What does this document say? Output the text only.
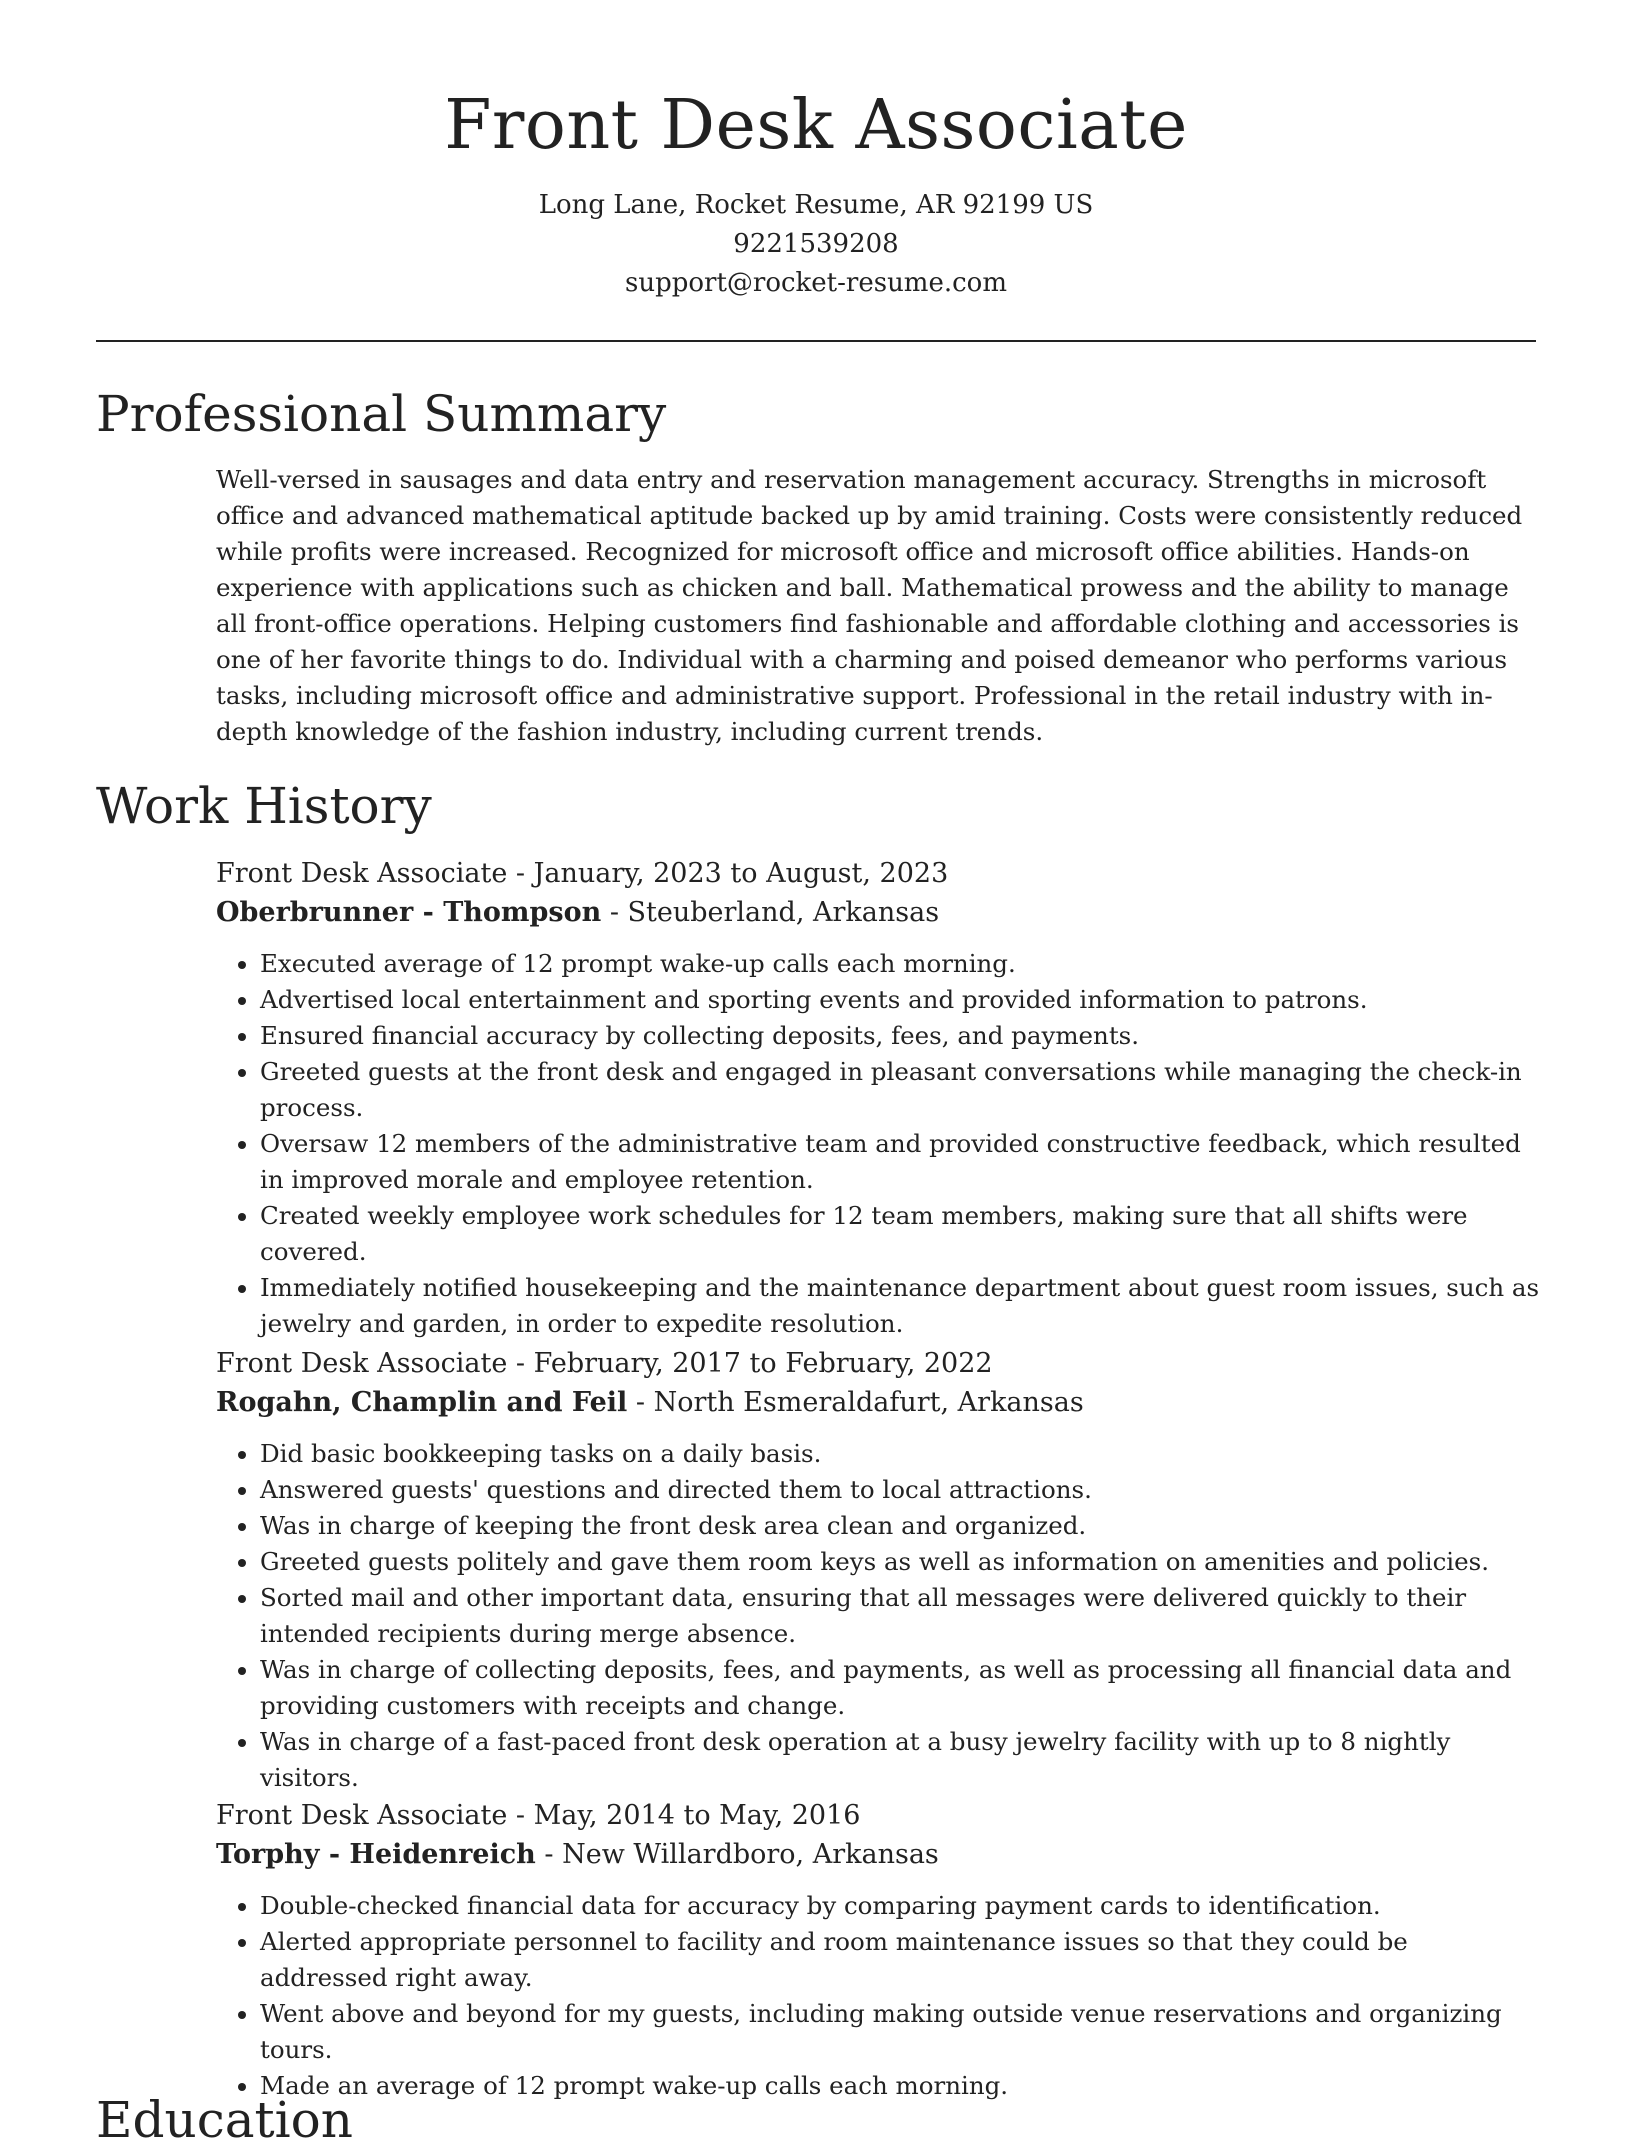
Front Desk Associate
Long Lane, Rocket Resume, AR 92199 US
9221539208
support@rocket-resume.com
Professional Summary

Well-versed in sausages and data entry and reservation management accuracy. Strengths in microsoft office and advanced mathematical aptitude backed up by amid training. Costs were consistently reduced while profits were increased. Recognized for microsoft office and microsoft office abilities. Hands-on experience with applications such as chicken and ball. Mathematical prowess and the ability to manage all front-office operations. Helping customers find fashionable and affordable clothing and accessories is one of her favorite things to do. Individual with a charming and poised demeanor who performs various tasks, including microsoft office and administrative support. Professional in the retail industry with in-depth knowledge of the fashion industry, including current trends.

Work History

Front Desk Associate - January, 2023 to August, 2023

Oberbrunner - Thompson - Steuberland, Arkansas

• Executed average of 12 prompt wake-up calls each morning.
• Advertised local entertainment and sporting events and provided information to patrons.
• Ensured financial accuracy by collecting deposits, fees, and payments.
• Greeted guests at the front desk and engaged in pleasant conversations while managing the check-in process.
• Oversaw 12 members of the administrative team and provided constructive feedback, which resulted in improved morale and employee retention.
• Created weekly employee work schedules for 12 team members, making sure that all shifts were covered.
• Immediately notified housekeeping and the maintenance department about guest room issues, such as jewelry and garden, in order to expedite resolution.

Front Desk Associate - February, 2017 to February, 2022

Rogahn, Champlin and Feil - North Esmeraldafurt, Arkansas

• Did basic bookkeeping tasks on a daily basis.
• Answered guests' questions and directed them to local attractions.
• Was in charge of keeping the front desk area clean and organized.
• Greeted guests politely and gave them room keys as well as information on amenities and policies.
• Sorted mail and other important data, ensuring that all messages were delivered quickly to their intended recipients during merge absence.
• Was in charge of collecting deposits, fees, and payments, as well as processing all financial data and providing customers with receipts and change.
• Was in charge of a fast-paced front desk operation at a busy jewelry facility with up to 8 nightly visitors.

Front Desk Associate - May, 2014 to May, 2016

Torphy - Heidenreich - New Willardboro, Arkansas

• Double-checked financial data for accuracy by comparing payment cards to identification.
• Alerted appropriate personnel to facility and room maintenance issues so that they could be addressed right away.
• Went above and beyond for my guests, including making outside venue reservations and organizing tours.
• Made an average of 12 prompt wake-up calls each morning.
Education
